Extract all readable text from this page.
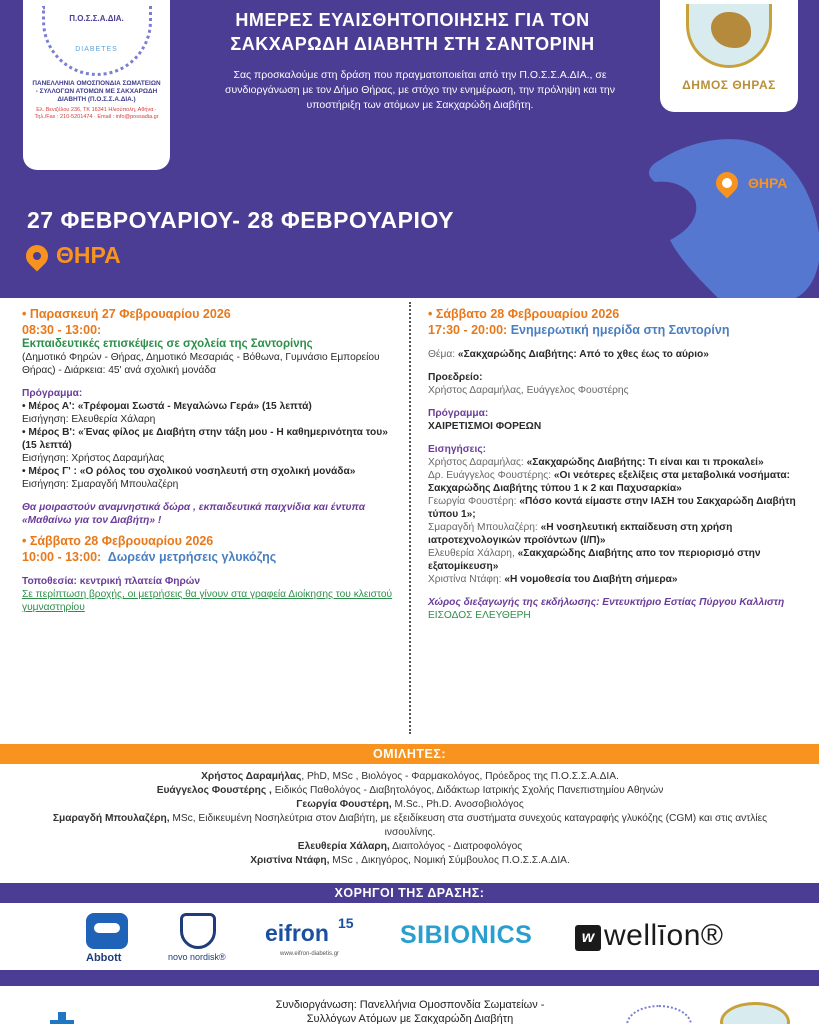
Π.Ο.Σ.Σ.Α.ΔΙΑ.
DIABETES
ΠΑΝΕΛΛΗΝΙΑ ΟΜΟΣΠΟΝΔΙΑ ΣΩΜΑΤΕΙΩΝ - ΣΥΛΛΟΓΩΝ ΑΤΟΜΩΝ ΜΕ ΣΑΚΧΑΡΩΔΗ ΔΙΑΒΗΤΗ (Π.Ο.Σ.Σ.Α.ΔΙΑ.)
Ελ. Βενιζέλου 236, ΤΚ 16341 Ηλιούπολη, Αθήνα · Τηλ./Fax : 210-5201474 · Email : info@possadia.gr
ΗΜΕΡΕΣ ΕΥΑΙΣΘΗΤΟΠΟΙΗΣΗΣ ΓΙΑ ΤΟΝ ΣΑΚΧΑΡΩΔΗ ΔΙΑΒΗΤΗ ΣΤΗ ΣΑΝΤΟΡΙΝΗ
Σας προσκαλούμε στη δράση που πραγματοποιείται από την Π.Ο.Σ.Σ.Α.ΔΙΑ., σε συνδιοργάνωση με τον Δήμο Θήρας, με στόχο την ενημέρωση, την πρόληψη και την υποστήριξη των ατόμων με Σακχαρώδη Διαβήτη.
ΔΗΜΟΣ ΘΗΡΑΣ
ΘΗΡΑ
27 ΦΕΒΡΟΥΑΡΙΟΥ- 28 ΦΕΒΡΟΥΑΡΙΟΥ
ΘΗΡΑ

• Παρασκευή 27 Φεβρουαρίου 2026

08:30 - 13:00:

Εκπαιδευτικές επισκέψεις σε σχολεία της Σαντορίνης

(Δημοτικό Φηρών - Θήρας, Δημοτικό Μεσαριάς - Βόθωνα, Γυμνάσιο Εμπορείου Θήρας) - Διάρκεια: 45' ανά σχολική μονάδα

Πρόγραμμα:

• Μέρος Α': «Τρέφομαι Σωστά - Μεγαλώνω Γερά» (15 λεπτά)

Εισήγηση: Ελευθερία Χάλαρη

• Μέρος Β': «Ένας φίλος με Διαβήτη στην τάξη μου - Η καθημερινότητα του» (15 λεπτά)

Εισήγηση: Χρήστος Δαραμήλας

• Μέρος Γ' : «Ο ρόλος του σχολικού νοσηλευτή στη σχολική μονάδα»

Εισήγηση: Σμαραγδή Μπουλαζέρη

Θα μοιραστούν αναμνηστικά δώρα , εκπαιδευτικά παιχνίδια και έντυπα «Μαθαίνω για τον Διαβήτη» !

• Σάββατο 28 Φεβρουαρίου 2026

10:00 - 13:00: Δωρεάν μετρήσεις γλυκόζης

Τοποθεσία: κεντρική πλατεία Φηρών

Σε περίπτωση βροχής, οι μετρήσεις θα γίνουν στα γραφεία Διοίκησης του κλειστού γυμναστηρίου

• Σάββατο 28 Φεβρουαρίου 2026

17:30 - 20:00: Ενημερωτική ημερίδα στη Σαντορίνη

Θέμα: «Σακχαρώδης Διαβήτης: Από το χθες έως το αύριο»

Προεδρείο:

Χρήστος Δαραμήλας, Ευάγγελος Φουστέρης

Πρόγραμμα:

ΧΑΙΡΕΤΙΣΜΟΙ ΦΟΡΕΩΝ

Εισηγήσεις:

Χρήστος Δαραμήλας: «Σακχαρώδης Διαβήτης: Τι είναι και τι προκαλεί»

Δρ. Ευάγγελος Φουστέρης: «Οι νεότερες εξελίξεις στα μεταβολικά νοσήματα: Σακχαρώδης Διαβήτης τύπου 1 κ 2 και Παχυσαρκία»

Γεωργία Φουστέρη: «Πόσο κοντά είμαστε στην ΙΑΣΗ του Σακχαρώδη Διαβήτη τύπου 1»;

Σμαραγδή Μπουλαζέρη: «Η νοσηλευτική εκπαίδευση στη χρήση ιατροτεχνολογικών προϊόντων (Ι/Π)»

Ελευθερία Χάλαρη, «Σακχαρώδης Διαβήτης απο τον περιορισμό στην εξατομίκευση»

Χριστίνα Ντάφη: «Η νομοθεσία του Διαβήτη σήμερα»

Χώρος διεξαγωγής της εκδήλωσης: Εντευκτήριο Εστίας Πύργου Καλλιστη

ΕΙΣΟΔΟΣ ΕΛΕΥΘΕΡΗ

ΟΜΙΛΗΤΕΣ:

Χρήστος Δαραμήλας, PhD, MSc , Βιολόγος - Φαρμακολόγος, Πρόεδρος της Π.Ο.Σ.Σ.Α.ΔΙΑ.

Ευάγγελος Φουστέρης , Ειδικός Παθολόγος - Διαβητολόγος, Διδάκτωρ Ιατρικής Σχολής Πανεπιστημίου Αθηνών

Γεωργία Φουστέρη, M.Sc., Ph.D. Ανοσοβιολόγος

Σμαραγδή Μπουλαζέρη, MSc, Ειδικευμένη Νοσηλεύτρια στον Διαβήτη, με εξειδίκευση στα συστήματα συνεχούς καταγραφής γλυκόζης (CGM) και στις αντλίες ινσουλίνης.

Ελευθερία Χάλαρη, Διαιτολόγος - Διατροφολόγος

Χριστίνα Ντάφη, MSc , Δικηγόρος, Νομική Σύμβουλος Π.Ο.Σ.Σ.Α.ΔΙΑ.

ΧΟΡΗΓΟΙ ΤΗΣ ΔΡΑΣΗΣ:
Abbott	novo nordisk®
eifron 15
www.eifron-diabetis.gr
SIBIONICS	w wellīon®

Συνδιοργάνωση: Πανελλήνια Ομοσπονδία Σωματείων -

Συλλόγων Ατόμων με Σακχαρώδη Διαβήτη
